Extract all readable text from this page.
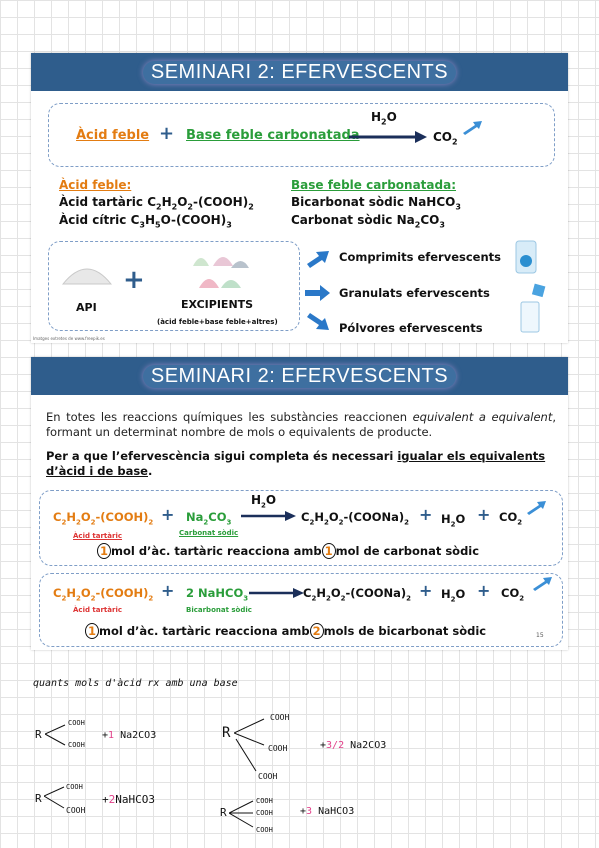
SEMINARI 2: EFERVESCENTS
Àcid feble + Base feble carbonatada
$H_2O$
$CO_2$
Àcid feble:
Àcid tartàric $C_2H_2O_2-(COOH)_2$
Àcid cítric $C_3H_5O-(COOH)_3$
Base feble carbonatada:
Bicarbonat sòdic NaHCO$_3$
Carbonat sòdic $Na_2CO_3$
API
+
EXCIPIENTS
(àcid feble+base feble+altres)
Imatges extretes de www.freepik.es
Comprimits efervescents
Granulats efervescents
Pólvores efervescents
SEMINARI 2: EFERVESCENTS
En totes les reaccions químiques les substàncies reaccionen equivalent a equivalent, formant un determinat nombre de mols o equivalents de producte.
Per a que l’efervescència sigui completa és necessari igualar els equivalents d’àcid i de base.
$C_2H_2O_2-(COOH)_2 + Na_2CO_3$
$H_2O$
$C_2H_2O_2-(COONa)_2 + H_2O + CO_2$
Àcid tartàric	Carbonat sòdic
1 mol d’àc. tartàric reacciona amb 1 mol de carbonat sòdic
$C_2H_2O_2-(COOH)_2 + 2$ NaHCO$_3$	$C_2H_2O_2-(COONa)_2 + H_2O + CO_2$
Àcid tartàric	Bicarbonat sòdic
1 mol d’àc. tartàric reacciona amb 2 mols de bicarbonat sòdic	15
quants mols d'àcid rx amb una base
R
COOH
COOH
+1 Na2CO3	R
COOH
COOH
COOH
+3/2 Na2CO3
R
COOH
COOH
+2NaHCO3
R
COOH
COOH
COOH
+3 NaHCO3
